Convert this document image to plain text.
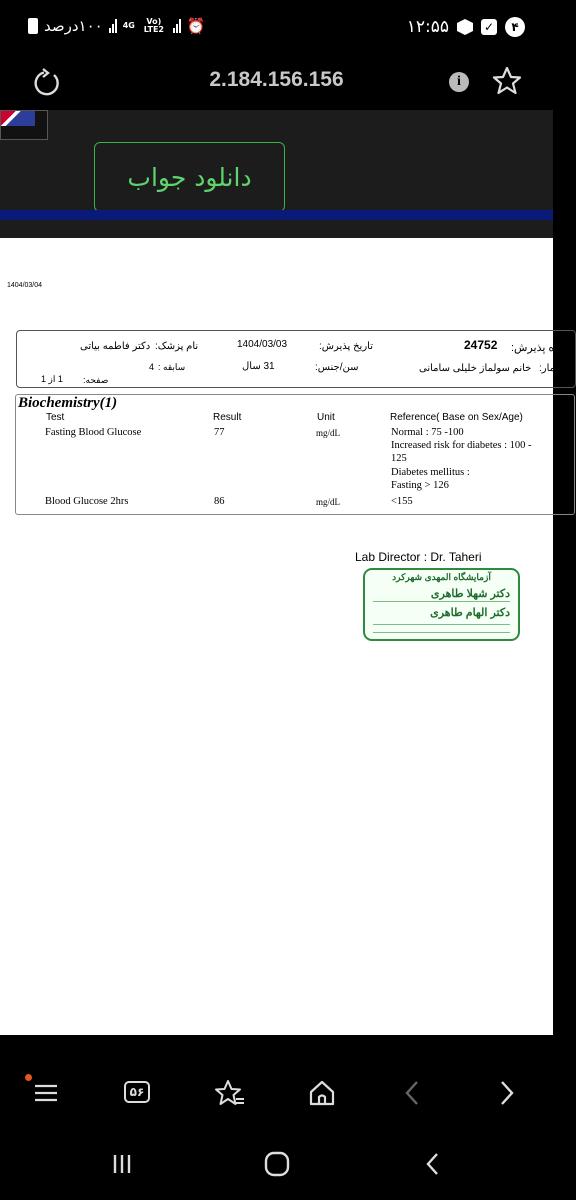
۱۰۰درصد	4G	Vo) LTE2 ⏰	۱۲:۵۵	✓	۴
2.184.156.156	i
دانلود جواب
1404/03/04
اره پذیرش:
24752
تاریخ پذیرش:
1404/03/03
نام پزشک:
دکتر فاطمه بیاتی
بیمار:
خانم سولماز خلیلی سامانی
سن/جنس:
31 سال
سابقه :
4
صفحه:
1 از 1
Biochemistry(1)
Test	Result	Unit	Reference( Base on Sex/Age)
Fasting Blood Glucose	77	mg/dL	Normal : 75 -100
Increased risk for diabetes : 100 -
125
Diabetes mellitus :
Fasting > 126
Blood Glucose 2hrs	86	mg/dL	<155
Lab Director : Dr. Taheri
آزمایشگاه المهدی شهرکرد
دکتر شهلا طاهری
دکتر الهام طاهری
۵۶
